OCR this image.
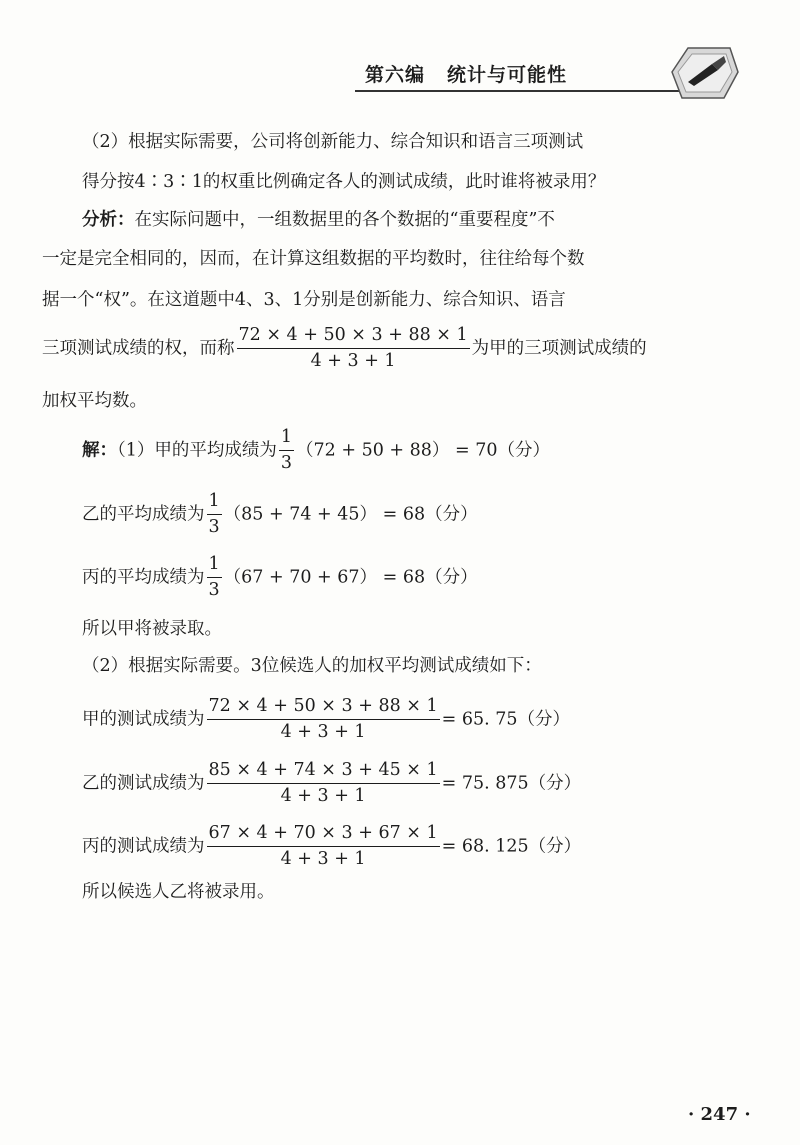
第六编 统计与可能性
（2）根据实际需要，公司将创新能力、综合知识和语言三项测试
得分按4∶3∶1的权重比例确定各人的测试成绩，此时谁将被录用？
分析：在实际问题中，一组数据里的各个数据的“重要程度”不
一定是完全相同的，因而，在计算这组数据的平均数时，往往给每个数
据一个“权”。在这道题中4、3、1分别是创新能力、综合知识、语言
三项测试成绩的权，而称 $\frac{72 \times 4 + 50 \times 3 + 88 \times 1}{4 + 3 + 1}$ 为甲的三项测试成绩的
加权平均数。
解：（1）甲的平均成绩为 $\frac{1}{3} (72 + 50 + 88) = 70$（分）
乙的平均成绩为 $\frac{1}{3} (85 + 74 + 45) = 68$（分）
丙的平均成绩为 $\frac{1}{3} (67 + 70 + 67) = 68$（分）
所以甲将被录取。
（2）根据实际需要。3位候选人的加权平均测试成绩如下：
甲的测试成绩为 $\frac{72 \times 4 + 50 \times 3 + 88 \times 1}{4 + 3 + 1} = 65$. 75（分）
乙的测试成绩为 $\frac{85 \times 4 + 74 \times 3 + 45 \times 1}{4 + 3 + 1} = 75$. 875（分）
丙的测试成绩为 $\frac{67 \times 4 + 70 \times 3 + 67 \times 1}{4 + 3 + 1} = 68$. 125（分）
所以候选人乙将被录用。
· 247 ·
